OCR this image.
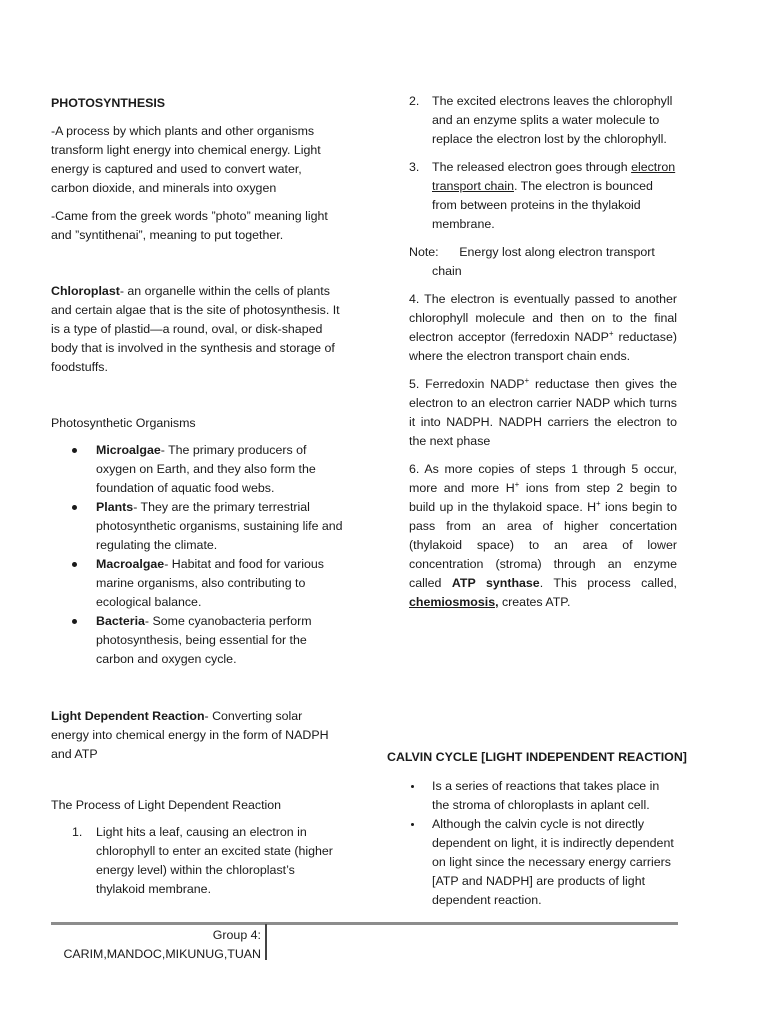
PHOTOSYNTHESIS

-A process by which plants and other organisms transform light energy into chemical energy. Light energy is captured and used to convert water, carbon dioxide, and minerals into oxygen

-Came from the greek words ”photo” meaning light and ”syntithenai”, meaning to put together.

Chloroplast- an organelle within the cells of plants and certain algae that is the site of photosynthesis. It is a type of plastid—a round, oval, or disk-shaped body that is involved in the synthesis and storage of foodstuffs.

Photosynthetic Organisms

Microalgae- The primary producers of oxygen on Earth, and they also form the foundation of aquatic food webs.
Plants- They are the primary terrestrial photosynthetic organisms, sustaining life and regulating the climate.
Macroalgae- Habitat and food for various marine organisms, also contributing to ecological balance.
Bacteria- Some cyanobacteria perform photosynthesis, being essential for the carbon and oxygen cycle.

Light Dependent Reaction- Converting solar energy into chemical energy in the form of NADPH and ATP

The Process of Light Dependent Reaction

1. Light hits a leaf, causing an electron in chlorophyll to enter an excited state (higher energy level) within the chloroplast’s thylakoid membrane.
2. The excited electrons leaves the chlorophyll and an enzyme splits a water molecule to replace the electron lost by the chlorophyll.
3. The released electron goes through electron transport chain. The electron is bounced from between proteins in the thylakoid membrane.

Note:      Energy lost along electron transport chain

4. The electron is eventually passed to another chlorophyll molecule and then on to the final electron acceptor (ferredoxin NADP+ reductase) where the electron transport chain ends.

5. Ferredoxin NADP+ reductase then gives the electron to an electron carrier NADP which turns it into NADPH. NADPH carriers the electron to the next phase

6. As more copies of steps 1 through 5 occur, more and more H+ ions from step 2 begin to build up in the thylakoid space. H+ ions begin to pass from an area of higher concertation (thylakoid space) to an area of lower concentration (stroma) through an enzyme called ATP synthase. This process called, chemiosmosis, creates ATP.

CALVIN CYCLE [LIGHT INDEPENDENT REACTION]

Is a series of reactions that takes place in the stroma of chloroplasts in aplant cell.
Although the calvin cycle is not directly dependent on light, it is indirectly dependent on light since the necessary energy carriers [ATP and NADPH] are products of light dependent reaction.
Group 4:
CARIM,MANDOC,MIKUNUG,TUAN
